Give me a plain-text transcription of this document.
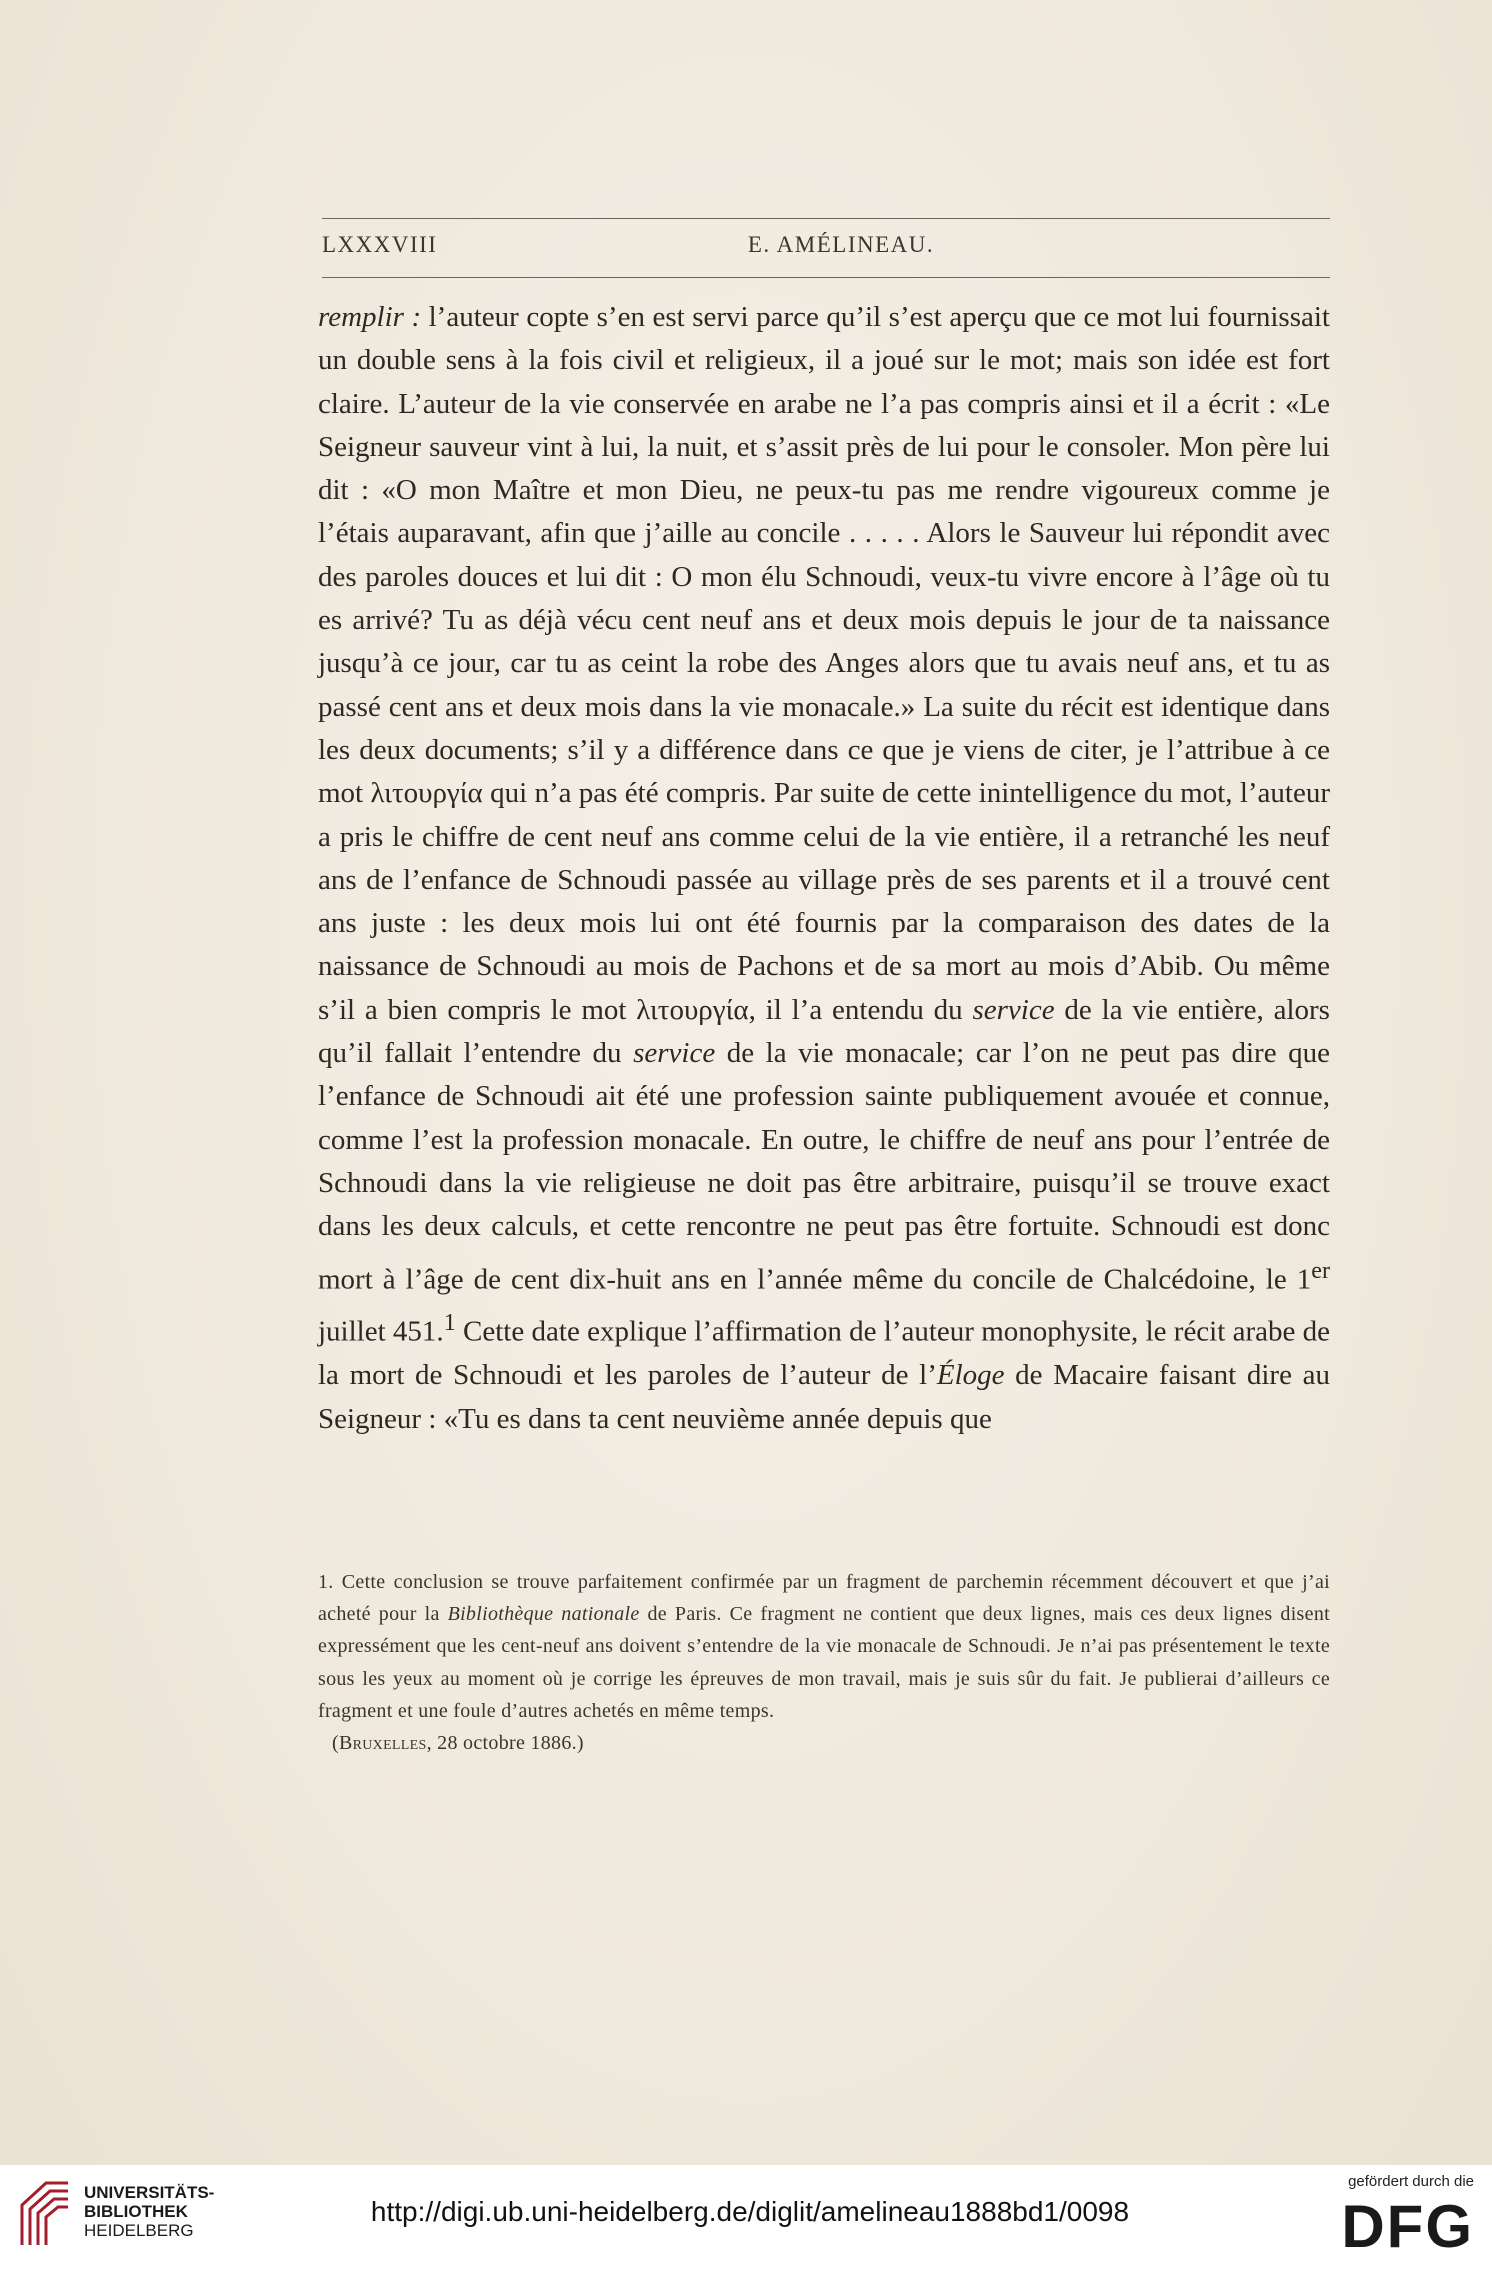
LXXXVIII	E. AMÉLINEAU.

remplir : l’auteur copte s’en est servi parce qu’il s’est aperçu que ce mot lui fournissait un double sens à la fois civil et religieux, il a joué sur le mot; mais son idée est fort claire. L’auteur de la vie conservée en arabe ne l’a pas compris ainsi et il a écrit : «Le Seigneur sauveur vint à lui, la nuit, et s’assit près de lui pour le consoler. Mon père lui dit : «O mon Maître et mon Dieu, ne peux-tu pas me rendre vigoureux comme je l’étais auparavant, afin que j’aille au concile . . . . . Alors le Sauveur lui répondit avec des paroles douces et lui dit : O mon élu Schnoudi, veux-tu vivre encore à l’âge où tu es arrivé? Tu as déjà vécu cent neuf ans et deux mois depuis le jour de ta naissance jusqu’à ce jour, car tu as ceint la robe des Anges alors que tu avais neuf ans, et tu as passé cent ans et deux mois dans la vie monacale.» La suite du récit est identique dans les deux documents; s’il y a différence dans ce que je viens de citer, je l’attribue à ce mot λιτουργία qui n’a pas été compris. Par suite de cette inintelligence du mot, l’auteur a pris le chiffre de cent neuf ans comme celui de la vie entière, il a retranché les neuf ans de l’enfance de Schnoudi passée au village près de ses parents et il a trouvé cent ans juste : les deux mois lui ont été fournis par la comparaison des dates de la naissance de Schnoudi au mois de Pachons et de sa mort au mois d’Abib. Ou même s’il a bien compris le mot λιτουργία, il l’a entendu du service de la vie entière, alors qu’il fallait l’entendre du service de la vie monacale; car l’on ne peut pas dire que l’enfance de Schnoudi ait été une profession sainte publiquement avouée et connue, comme l’est la profession monacale. En outre, le chiffre de neuf ans pour l’entrée de Schnoudi dans la vie religieuse ne doit pas être arbitraire, puisqu’il se trouve exact dans les deux calculs, et cette rencontre ne peut pas être fortuite. Schnoudi est donc mort à l’âge de cent dix-huit ans en l’année même du concile de Chalcédoine, le 1er juillet 451.$^1$ Cette date explique l’affirmation de l’auteur monophysite, le récit arabe de la mort de Schnoudi et les paroles de l’auteur de l’Éloge de Macaire faisant dire au Seigneur : «Tu es dans ta cent neuvième année depuis que

1. Cette conclusion se trouve parfaitement confirmée par un fragment de parchemin récemment découvert et que j’ai acheté pour la Bibliothèque nationale de Paris. Ce fragment ne contient que deux lignes, mais ces deux lignes disent expressément que les cent-neuf ans doivent s’entendre de la vie monacale de Schnoudi. Je n’ai pas présentement le texte sous les yeux au moment où je corrige les épreuves de mon travail, mais je suis sûr du fait. Je publierai d’ailleurs ce fragment et une foule d’autres achetés en même temps.

(Bruxelles, 28 octobre 1886.)

UNIVERSITÄTS-
BIBLIOTHEK
HEIDELBERG
http://digi.ub.uni-heidelberg.de/diglit/amelineau1888bd1/0098
gefördert durch die
DFG
